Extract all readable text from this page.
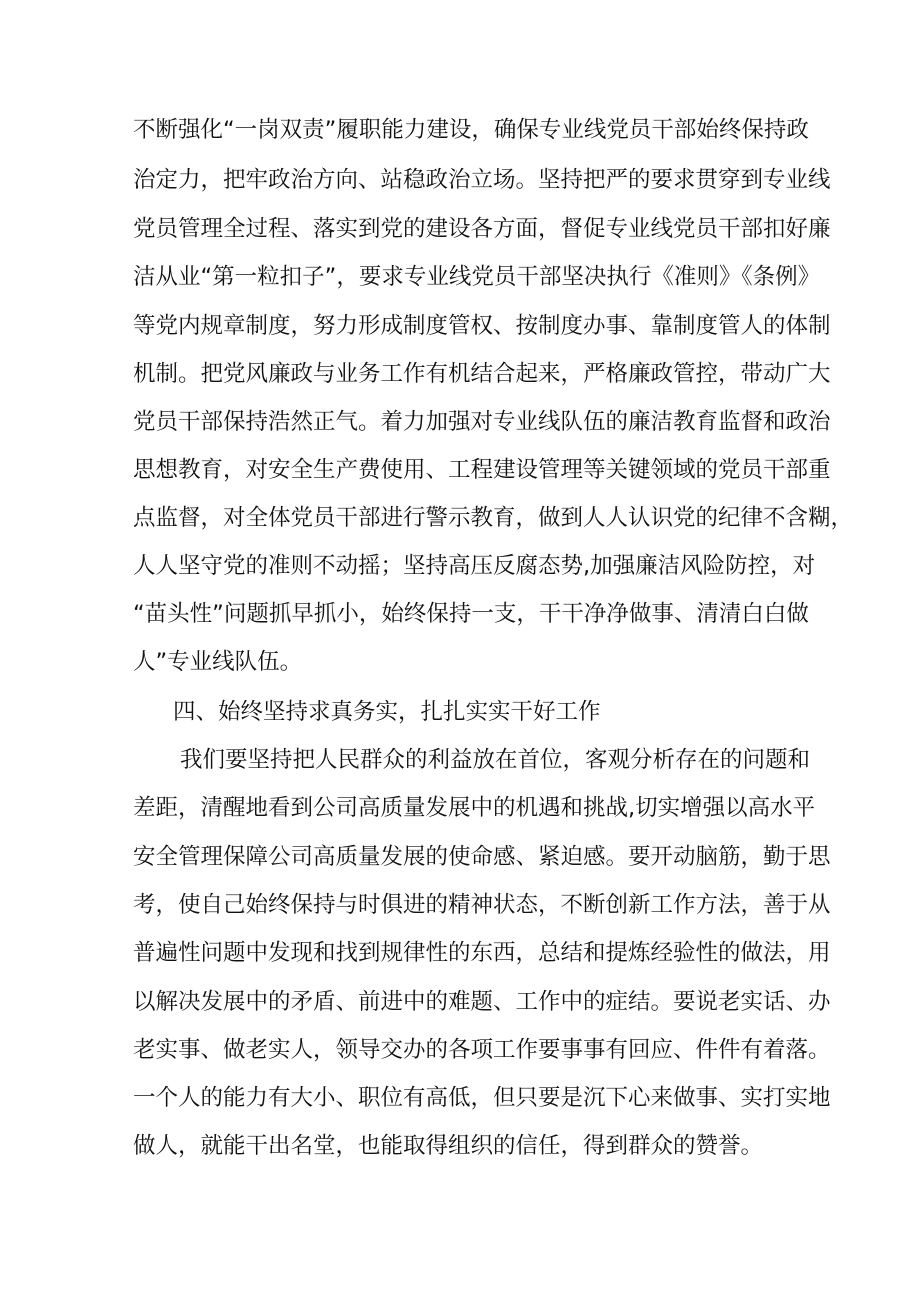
不断强化“一岗双责”履职能力建设，确保专业线党员干部始终保持政
治定力，把牢政治方向、站稳政治立场。坚持把严的要求贯穿到专业线
党员管理全过程、落实到党的建设各方面，督促专业线党员干部扣好廉
洁从业“第一粒扣子”，要求专业线党员干部坚决执行《准则》《条例》
等党内规章制度，努力形成制度管权、按制度办事、靠制度管人的体制
机制。把党风廉政与业务工作有机结合起来，严格廉政管控，带动广大
党员干部保持浩然正气。着力加强对专业线队伍的廉洁教育监督和政治
思想教育，对安全生产费使用、工程建设管理等关键领域的党员干部重
点监督，对全体党员干部进行警示教育，做到人人认识党的纪律不含糊，
人人坚守党的准则不动摇；坚持高压反腐态势,加强廉洁风险防控，对
“苗头性”问题抓早抓小，始终保持一支，干干净净做事、清清白白做
人”专业线队伍。
四、始终坚持求真务实，扎扎实实干好工作
我们要坚持把人民群众的利益放在首位，客观分析存在的问题和
差距，清醒地看到公司高质量发展中的机遇和挑战,切实增强以高水平
安全管理保障公司高质量发展的使命感、紧迫感。要开动脑筋，勤于思
考，使自己始终保持与时俱进的精神状态，不断创新工作方法，善于从
普遍性问题中发现和找到规律性的东西，总结和提炼经验性的做法，用
以解决发展中的矛盾、前进中的难题、工作中的症结。要说老实话、办
老实事、做老实人，领导交办的各项工作要事事有回应、件件有着落。
一个人的能力有大小、职位有高低，但只要是沉下心来做事、实打实地
做人，就能干出名堂，也能取得组织的信任，得到群众的赞誉。
